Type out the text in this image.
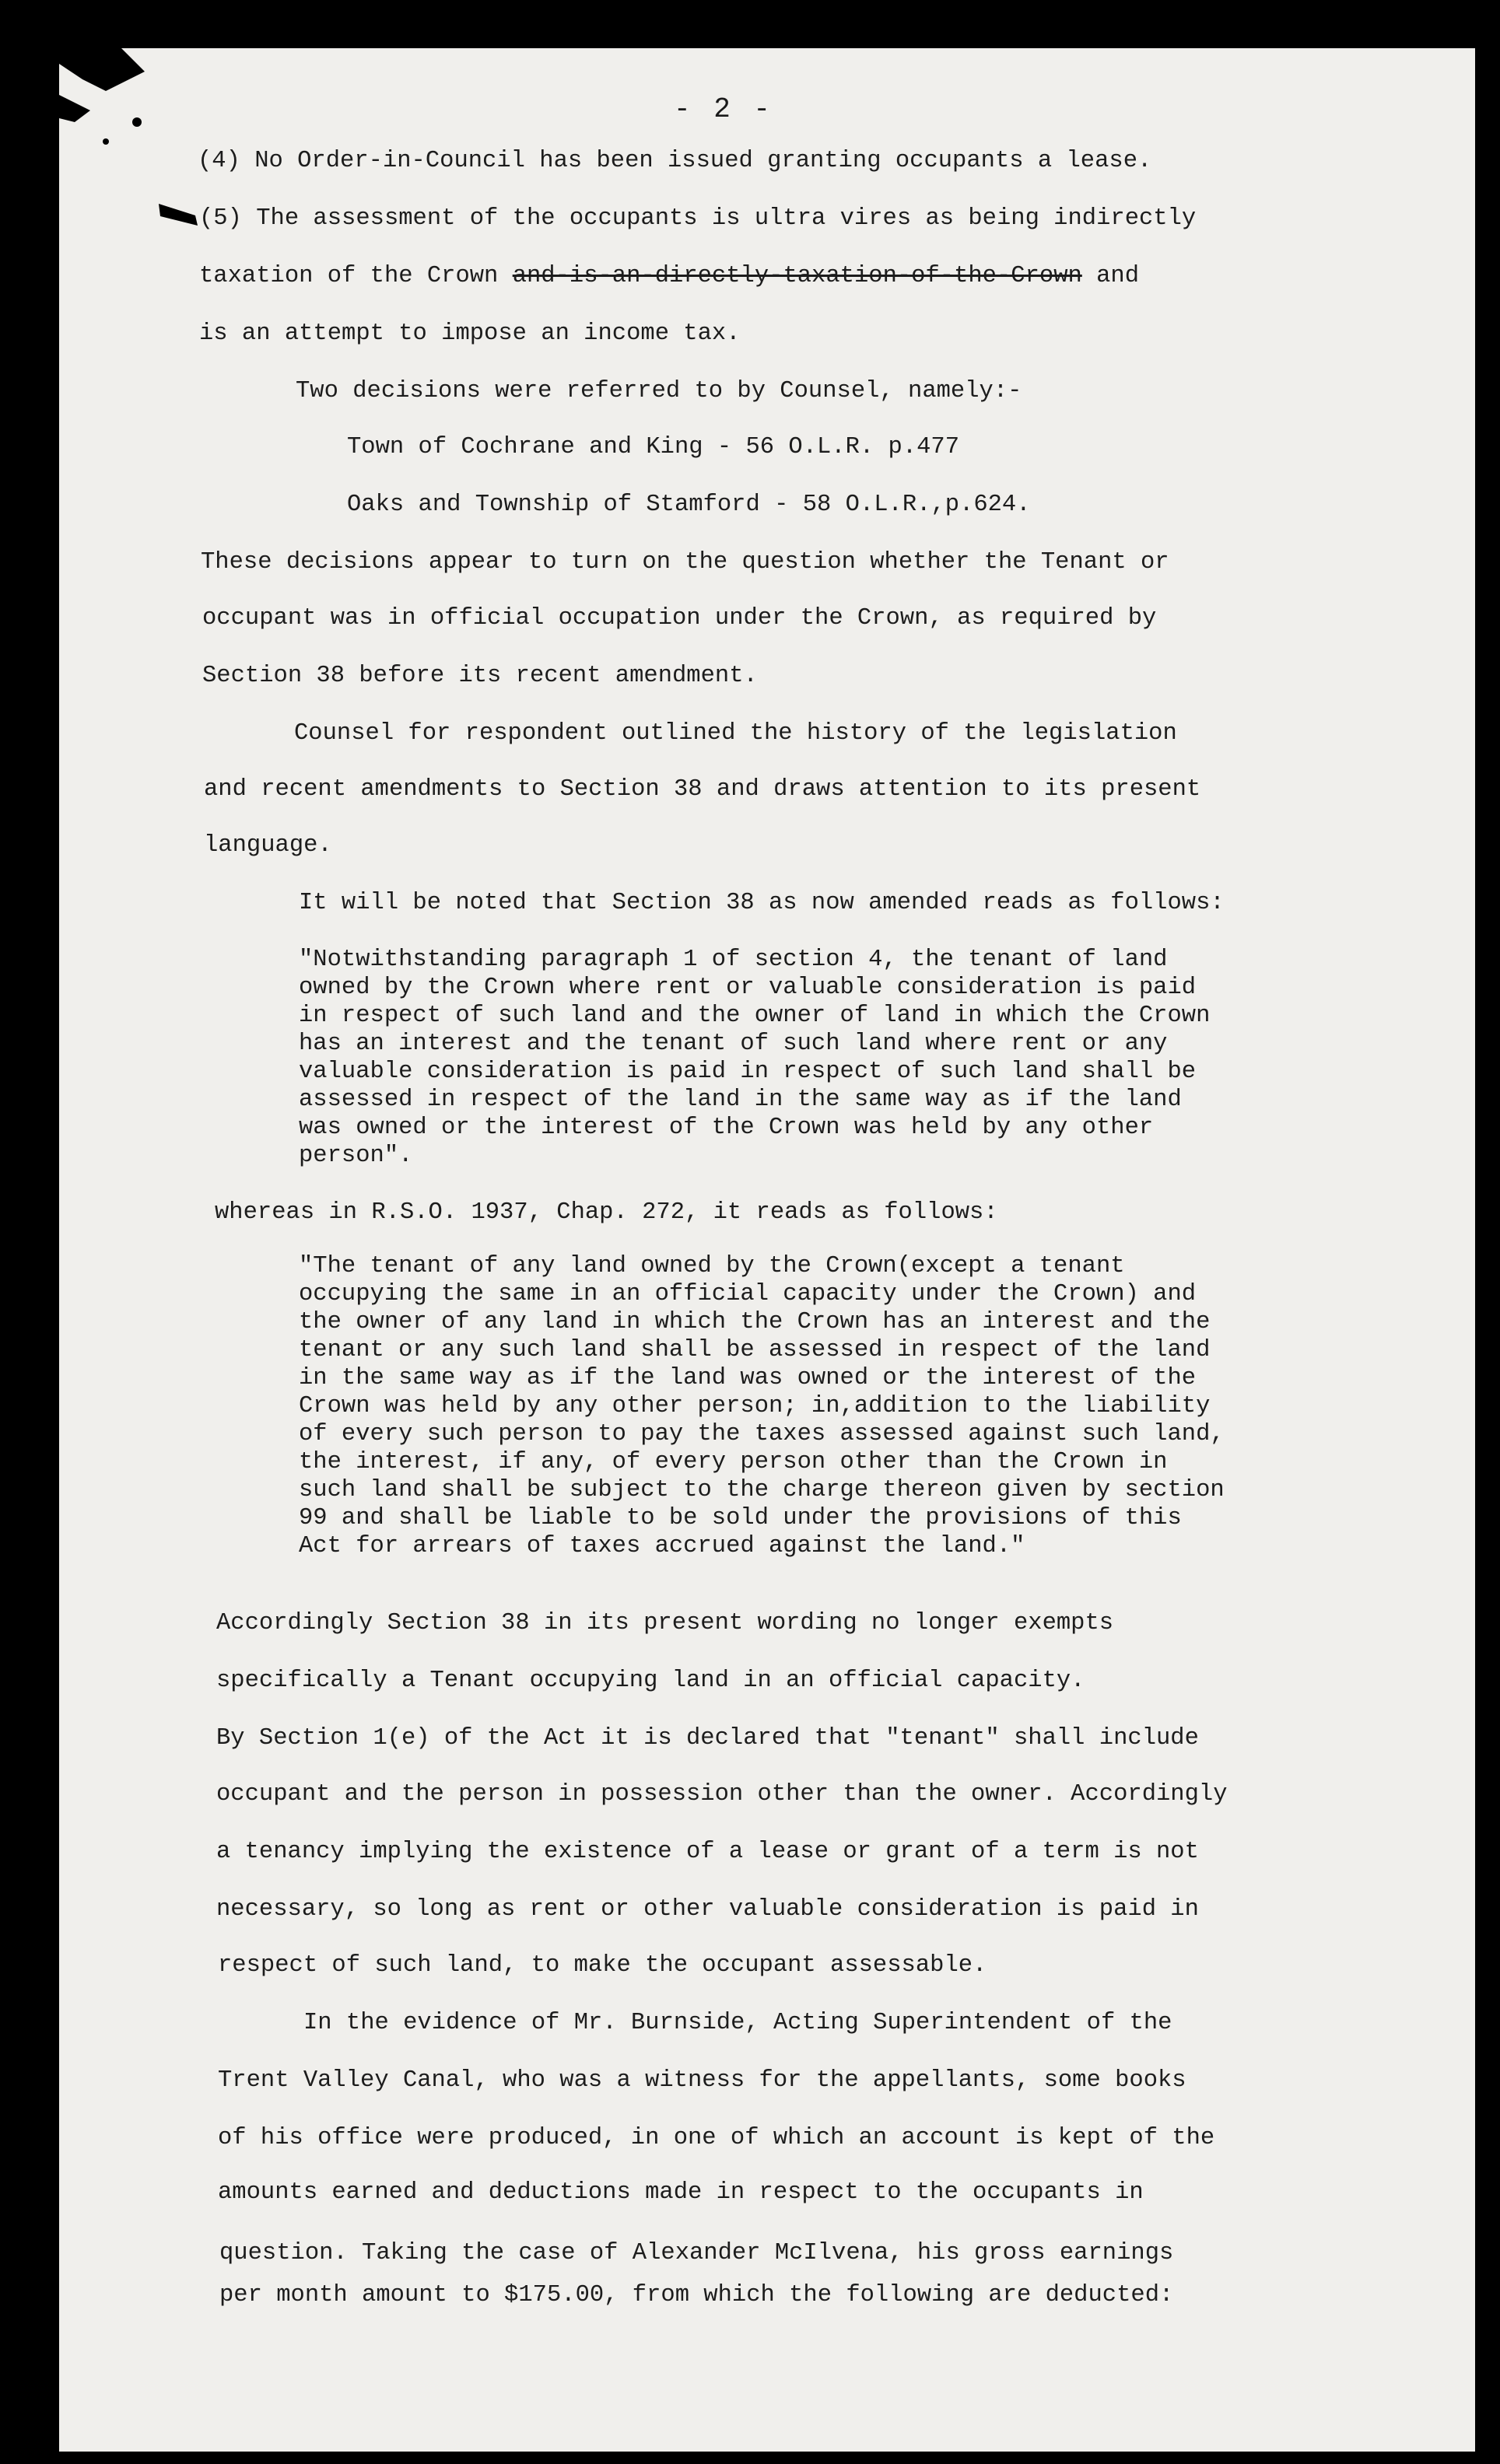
- 2 -
(4) No Order-in-Council has been issued granting occupants a lease.
(5) The assessment of the occupants is ultra vires as being indirectly
taxation of the Crown and-is-an-directly-taxation-of-the-Crown and
is an attempt to impose an income tax.
Two decisions were referred to by Counsel, namely:-
Town of Cochrane and King - 56 O.L.R. p.477
Oaks and Township of Stamford - 58 O.L.R.,p.624.
These decisions appear to turn on the question whether the Tenant or
occupant was in official occupation under the Crown, as required by
Section 38 before its recent amendment.
Counsel for respondent outlined the history of the legislation
and recent amendments to Section 38 and draws attention to its present
language.
It will be noted that Section 38 as now amended reads as follows:
"Notwithstanding paragraph 1 of section 4, the tenant of land
owned by the Crown where rent or valuable consideration is paid
in respect of such land and the owner of land in which the Crown
has an interest and the tenant of such land where rent or any
valuable consideration is paid in respect of such land shall be
assessed in respect of the land in the same way as if the land
was owned or the interest of the Crown was held by any other
person".
whereas in R.S.O. 1937, Chap. 272, it reads as follows:
"The tenant of any land owned by the Crown(except a tenant
occupying the same in an official capacity under the Crown) and
the owner of any land in which the Crown has an interest and the
tenant or any such land shall be assessed in respect of the land
in the same way as if the land was owned or the interest of the
Crown was held by any other person; in,addition to the liability
of every such person to pay the taxes assessed against such land,
the interest, if any, of every person other than the Crown in
such land shall be subject to the charge thereon given by section
99 and shall be liable to be sold under the provisions of this
Act for arrears of taxes accrued against the land."
Accordingly Section 38 in its present wording no longer exempts
specifically a Tenant occupying land in an official capacity.
By Section 1(e) of the Act it is declared that "tenant" shall include
occupant and the person in possession other than the owner. Accordingly
a tenancy implying the existence of a lease or grant of a term is not
necessary, so long as rent or other valuable consideration is paid in
respect of such land, to make the occupant assessable.
In the evidence of Mr. Burnside, Acting Superintendent of the
Trent Valley Canal, who was a witness for the appellants, some books
of his office were produced, in one of which an account is kept of the
amounts earned and deductions made in respect to the occupants in
question. Taking the case of Alexander McIlvena, his gross earnings
per month amount to $175.00, from which the following are deducted:
